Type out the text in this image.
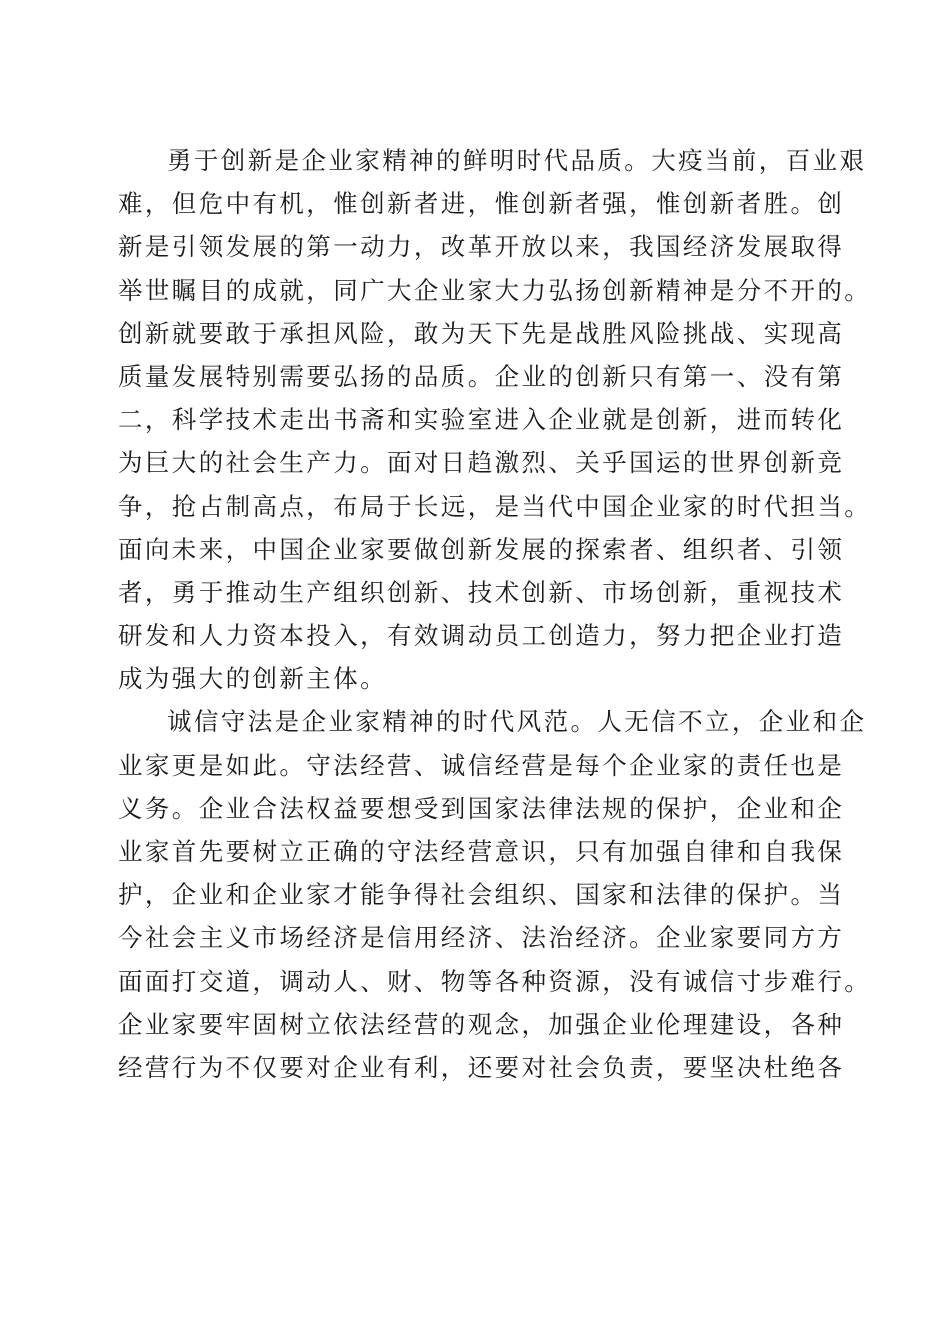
勇于创新是企业家精神的鲜明时代品质。大疫当前，百业艰
难，但危中有机，惟创新者进，惟创新者强，惟创新者胜。创
新是引领发展的第一动力，改革开放以来，我国经济发展取得
举世瞩目的成就，同广大企业家大力弘扬创新精神是分不开的。
创新就要敢于承担风险，敢为天下先是战胜风险挑战、实现高
质量发展特别需要弘扬的品质。企业的创新只有第一、没有第
二，科学技术走出书斋和实验室进入企业就是创新，进而转化
为巨大的社会生产力。面对日趋激烈、关乎国运的世界创新竞
争，抢占制高点，布局于长远，是当代中国企业家的时代担当。
面向未来，中国企业家要做创新发展的探索者、组织者、引领
者，勇于推动生产组织创新、技术创新、市场创新，重视技术
研发和人力资本投入，有效调动员工创造力，努力把企业打造
成为强大的创新主体。
诚信守法是企业家精神的时代风范。人无信不立，企业和企
业家更是如此。守法经营、诚信经营是每个企业家的责任也是
义务。企业合法权益要想受到国家法律法规的保护，企业和企
业家首先要树立正确的守法经营意识，只有加强自律和自我保
护，企业和企业家才能争得社会组织、国家和法律的保护。当
今社会主义市场经济是信用经济、法治经济。企业家要同方方
面面打交道，调动人、财、物等各种资源，没有诚信寸步难行。
企业家要牢固树立依法经营的观念，加强企业伦理建设，各种
经营行为不仅要对企业有利，还要对社会负责，要坚决杜绝各
